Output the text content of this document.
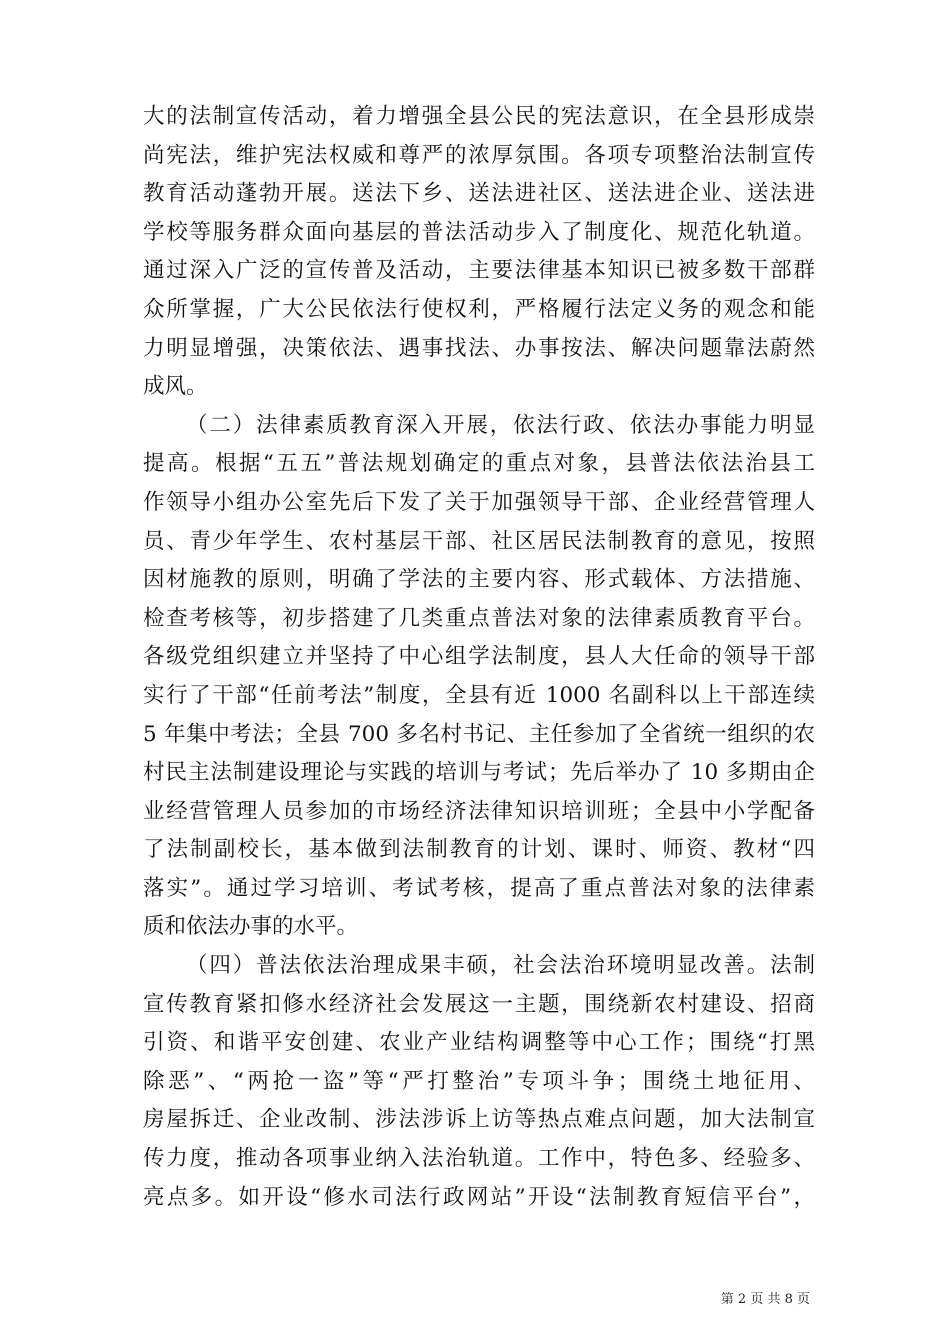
大的法制宣传活动，着力增强全县公民的宪法意识，在全县形成崇
尚宪法，维护宪法权威和尊严的浓厚氛围。各项专项整治法制宣传
教育活动蓬勃开展。送法下乡、送法进社区、送法进企业、送法进
学校等服务群众面向基层的普法活动步入了制度化、规范化轨道。
通过深入广泛的宣传普及活动，主要法律基本知识已被多数干部群
众所掌握，广大公民依法行使权利，严格履行法定义务的观念和能
力明显增强，决策依法、遇事找法、办事按法、解决问题靠法蔚然
成风。
（二）法律素质教育深入开展，依法行政、依法办事能力明显
提高。根据“五五”普法规划确定的重点对象，县普法依法治县工
作领导小组办公室先后下发了关于加强领导干部、企业经营管理人
员、青少年学生、农村基层干部、社区居民法制教育的意见，按照
因材施教的原则，明确了学法的主要内容、形式载体、方法措施、
检查考核等，初步搭建了几类重点普法对象的法律素质教育平台。
各级党组织建立并坚持了中心组学法制度，县人大任命的领导干部
实行了干部“任前考法”制度，全县有近 1000 名副科以上干部连续
5 年集中考法；全县 700 多名村书记、主任参加了全省统一组织的农
村民主法制建设理论与实践的培训与考试；先后举办了 10 多期由企
业经营管理人员参加的市场经济法律知识培训班；全县中小学配备
了法制副校长，基本做到法制教育的计划、课时、师资、教材“四
落实”。通过学习培训、考试考核，提高了重点普法对象的法律素
质和依法办事的水平。
（四）普法依法治理成果丰硕，社会法治环境明显改善。法制
宣传教育紧扣修水经济社会发展这一主题，围绕新农村建设、招商
引资、和谐平安创建、农业产业结构调整等中心工作；围绕“打黑
除恶”、“两抢一盗”等“严打整治”专项斗争；围绕土地征用、
房屋拆迁、企业改制、涉法涉诉上访等热点难点问题，加大法制宣
传力度，推动各项事业纳入法治轨道。工作中，特色多、经验多、
亮点多。如开设“修水司法行政网站”开设“法制教育短信平台”，
第 2 页 共 8 页
